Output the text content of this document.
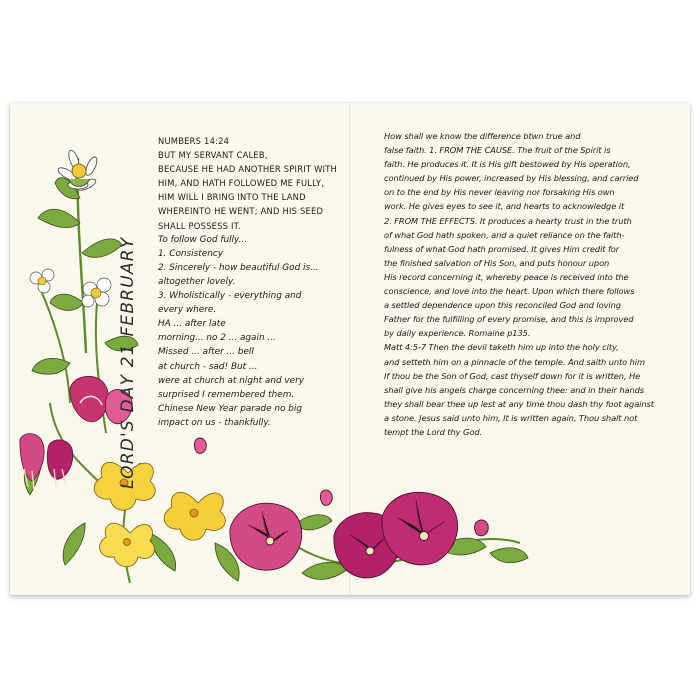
LORD'S DAY 21 FEBRUARY
NUMBERS 14:24
BUT MY SERVANT CALEB,
BECAUSE HE HAD ANOTHER SPIRIT WITH
HIM, AND HATH FOLLOWED ME FULLY,
HIM WILL I BRING INTO THE LAND
WHEREINTO HE WENT; AND HIS SEED
SHALL POSSESS IT.
To follow God fully...
1. Consistency
2. Sincerely - how beautiful God is...
altogether lovely.
3. Wholistically - everything and
every where.
HA ... after late
morning... no 2 ... again ...
Missed ... after ... bell
at church - sad! But ...
were at church at night and very
surprised I remembered them.
Chinese New Year parade no big
impact on us - thankfully.
How shall we know the difference btwn true and
false faith. 1. FROM THE CAUSE. The fruit of the Spirit is
faith. He produces it. It is His gift bestowed by His operation,
continued by His power, increased by His blessing, and carried
on to the end by His never leaving nor forsaking His own
work. He gives eyes to see it, and hearts to acknowledge it
2. FROM THE EFFECTS. It produces a hearty trust in the truth
of what God hath spoken, and a quiet reliance on the faith-
fulness of what God hath promised. It gives Him credit for
the finished salvation of His Son, and puts honour upon
His record concerning it, whereby peace is received into the
conscience, and love into the heart. Upon which there follows
a settled dependence upon this reconciled God and loving
Father for the fulfilling of every promise, and this is improved
by daily experience. Romaine p135.
Matt 4:5-7 Then the devil taketh him up into the holy city,
and setteth him on a pinnacle of the temple. And saith unto him
If thou be the Son of God, cast thyself down for it is written, He
shall give his angels charge concerning thee: and in their hands
they shall bear thee up lest at any time thou dash thy foot against
a stone. Jesus said unto him, It is written again, Thou shalt not
tempt the Lord thy God.
